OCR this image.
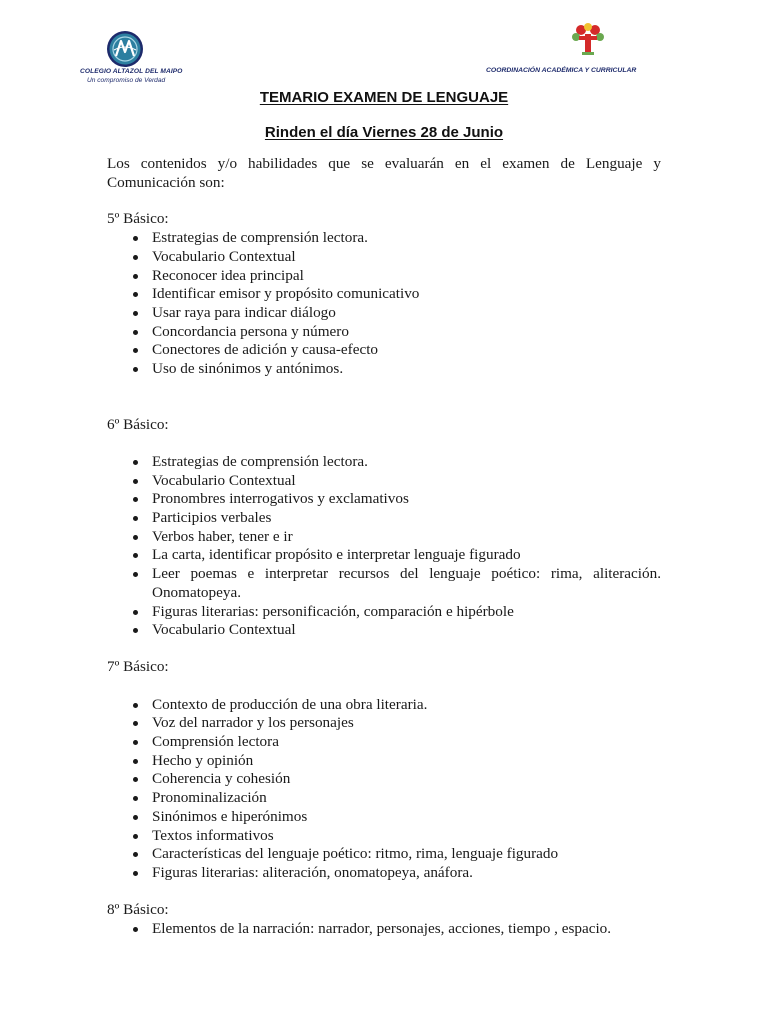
COLEGIO ALTAZOL DEL MAIPO
Un compromiso de Verdad
COORDINACIÓN ACADÉMICA Y CURRICULAR
TEMARIO EXAMEN DE LENGUAJE
Rinden el día Viernes 28 de Junio

Los contenidos y/o habilidades que se evaluarán en el examen de Lenguaje y Comunicación son:

5º Básico:

Estrategias de comprensión lectora.
Vocabulario Contextual
Reconocer idea principal
Identificar emisor y propósito comunicativo
Usar raya para indicar diálogo
Concordancia persona y número
Conectores de adición y causa-efecto
Uso de sinónimos y antónimos.

6º Básico:

Estrategias de comprensión lectora.
Vocabulario Contextual
Pronombres interrogativos y exclamativos
Participios verbales
Verbos haber, tener e ir
La carta, identificar propósito e interpretar lenguaje figurado
Leer poemas e interpretar recursos del lenguaje poético: rima, aliteración. Onomatopeya.
Figuras literarias: personificación, comparación e hipérbole
Vocabulario Contextual

7º Básico:

Contexto de producción de una obra literaria.
Voz del narrador y los personajes
Comprensión lectora
Hecho y opinión
Coherencia y cohesión
Pronominalización
Sinónimos e hiperónimos
Textos informativos
Características del lenguaje poético: ritmo, rima, lenguaje figurado
Figuras literarias: aliteración, onomatopeya, anáfora.

8º Básico:

Elementos de la narración: narrador, personajes, acciones, tiempo , espacio.
